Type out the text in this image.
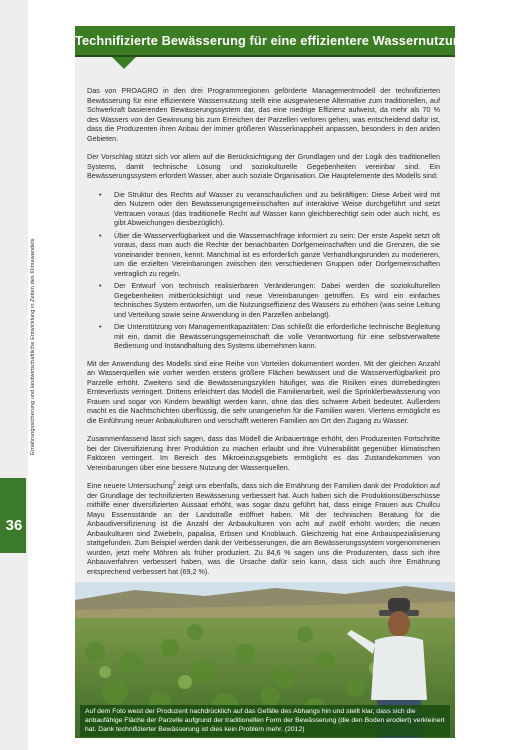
Ernährungssicherung und landwirtschaftliche Entwicklung in Zeiten des Klimawandels
36
Technifizierte Bewässerung für eine effizientere Wassernutzung

Das von PROAGRO in den drei Programmregionen geförderte Managementmodell der technifizierten Bewässerung für eine effizientere Wassernutzung stellt eine ausgewiesene Alternative zum traditionellen, auf Schwerkraft basierenden Bewässerungssystem dar, das eine niedrige Effizienz aufweist, da mehr als 70 % des Wassers von der Gewinnung bis zum Erreichen der Parzellen verloren gehen, was entscheidend dafür ist, dass die Produzenten ihren Anbau der immer größeren Wasserknappheit anpassen, besonders in den ariden Gebieten.

Der Vorschlag stützt sich vor allem auf die Berücksichtigung der Grundlagen und der Logik des traditionellen Systems, damit technische Lösung und soziokulturelle Gegebenheiten vereinbar sind. Ein Bewässerungssystem erfordert Wasser, aber auch soziale Organisation. Die Hauptelemente des Modells sind:

• Die Struktur des Rechts auf Wasser zu veranschaulichen und zu bekräftigen: Diese Arbeit wird mit den Nutzern oder den Bewässerungsgemeinschaften auf interaktive Weise durchgeführt und setzt Vertrauen voraus (das traditionelle Recht auf Wasser kann gleichberechtigt sein oder auch nicht, es gibt Abweichungen diesbezüglich).
• Über die Wasserverfügbarkeit und die Wassernachfrage informiert zu sein: Der erste Aspekt setzt oft voraus, dass man auch die Rechte der benachbarten Dorfgemeinschaften und die Grenzen, die sie voneinander trennen, kennt. Manchmal ist es erforderlich ganze Verhandlungsrunden zu moderieren, um die erzielten Vereinbarungen zwischen den verschiedenen Gruppen oder Dorfgemeinschaften vertraglich zu regeln.
• Der Entwurf von technisch realisierbaren Veränderungen: Dabei werden die soziokulturellen Gegebenheiten mitberücksichtigt und neue Vereinbarungen getroffen. Es wird ein einfaches technisches System entworfen, um die Nutzungseffizienz des Wassers zu erhöhen (was seine Leitung und Verteilung sowie seine Anwendung in den Parzellen anbelangt).
• Die Unterstützung von Managementkapazitäten: Das schließt die erforderliche technische Begleitung mit ein, damit die Bewässerungsgemeinschaft die volle Verantwortung für eine selbstverwaltete Bedienung und Instandhaltung des Systems übernehmen kann.

Mit der Anwendung des Modells sind eine Reihe von Vorteilen dokumentiert worden. Mit der gleichen Anzahl an Wasserquellen wie vorher werden erstens größere Flächen bewässert und die Wasserverfügbarkeit pro Parzelle erhöht. Zweitens sind die Bewässerungszyklen häufiger, was die Risiken eines dürrebedingten Ernteverlusts verringert. Drittens erleichtert das Modell die Familienarbeit, weil die Sprinklerbewässerung von Frauen und sogar von Kindern bewältigt werden kann, ohne das dies schwere Arbeit bedeutet. Außerdem macht es die Nachtschichten überflüssig, die sehr unangenehm für die Familien waren. Viertens ermöglicht es die Einführung neuer Anbaukulturen und verschafft weiteren Familien am Ort den Zugang zu Wasser.

Zusammenfassend lässt sich sagen, dass das Modell die Anbauerträge erhöht, den Produzenten Fortschritte bei der Diversifizierung ihrer Produktion zu machen erlaubt und ihre Vulnerabilität gegenüber klimatischen Faktoren verringert. Im Bereich des Mikroeinzugsgebiets ermöglicht es das Zustandekommen von Vereinbarungen über eine bessere Nutzung der Wasserquellen.

Eine neuere Untersuchung$^2$ zeigt uns ebenfalls, dass sich die Ernährung der Familien dank der Produktion auf der Grundlage der technifizierten Bewässerung verbessert hat. Auch haben sich die Produktionsüberschüsse mithilfe einer diversifizierten Aussaat erhöht, was sogar dazu geführt hat, dass einige Frauen aus Chullcu Mayu Essensstände an der Landstraße eröffnet haben. Mit der technischen Beratung für die Anbaudiversifizierung ist die Anzahl der Anbaukulturen von acht auf zwölf erhöht worden; die neuen Anbaukulturen sind Zwiebeln, papalisa, Erbsen und Knoblauch. Gleichzeitig hat eine Anbauspezialisierung stattgefunden. Zum Beispiel werden dank der Verbesserungen, die am Bewässerungssystem vorgenommenen wurden, jetzt mehr Möhren als früher produziert. Zu 84,6 % sagen uns die Produzenten, dass sich ihre Anbauverfahren verbessert haben, was die Ursache dafür sein kann, dass sich auch ihre Ernährung entsprechend verbessert hat (69,2 %).

Auf dem Foto weist der Produzent nachdrücklich auf das Gefälle des Abhangs hin und stellt klar, dass sich die anbaufähige Fläche der Parzelle aufgrund der traditionellen Form der Bewässerung (die den Boden erodiert) verkleinert hat. Dank technifizierter Bewässerung ist dies kein Problem mehr. (2012)
